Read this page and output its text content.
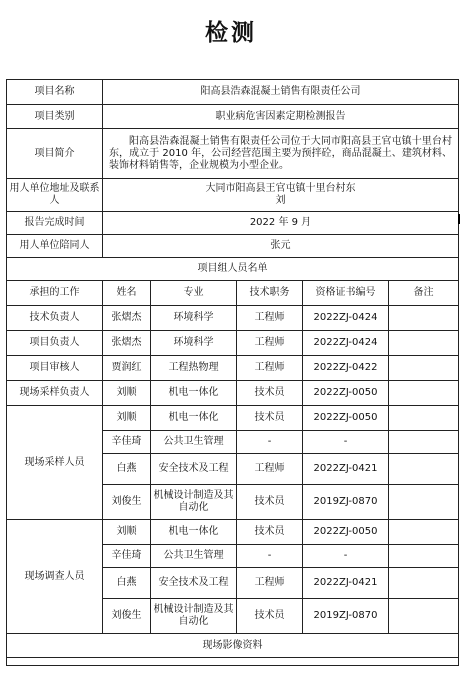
检测
项目名称	阳高县浩森混凝土销售有限责任公司				
项目类别	职业病危害因素定期检测报告				
项目简介	阳高县浩森混凝土销售有限责任公司位于大同市阳高县王官屯镇十里台村东，成立于 2010 年，公司经营范围主要为预拌砼，商品混凝土、建筑材料、装饰材料销售等，企业规模为小型企业。				
用人单位地址及联系人	大同市阳高县王官屯镇十里台村东
刘				

报告完成时间	2022 年 9 月				
用人单位陪同人	张元				
项目组人员名单					
承担的工作	姓名	专业	技术职务	资格证书编号	备注
技术负责人	张熠杰	环境科学	工程师	2022ZJ-0424	
项目负责人	张熠杰	环境科学	工程师	2022ZJ-0424	
项目审核人	贾润红	工程热物理	工程师	2022ZJ-0422	
现场采样负责人	刘顺	机电一体化	技术员	2022ZJ-0050	
现场采样人员	刘顺	机电一体化	技术员	2022ZJ-0050	
	辛佳琦	公共卫生管理	-	-	
	白燕	安全技术及工程	工程师	2022ZJ-0421	
	刘俊生	机械设计制造及其自动化	技术员	2019ZJ-0870	
现场调查人员	刘顺	机电一体化	技术员	2022ZJ-0050	
	辛佳琦	公共卫生管理	-	-	
	白燕	安全技术及工程	工程师	2022ZJ-0421	
	刘俊生	机械设计制造及其自动化	技术员	2019ZJ-0870	
现场影像资料					
